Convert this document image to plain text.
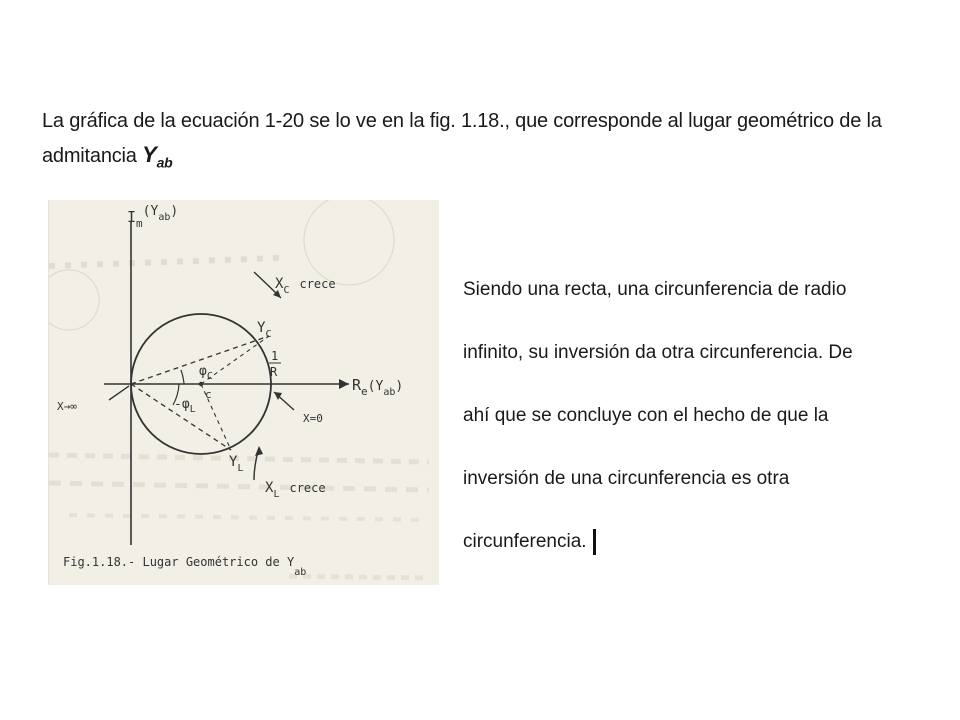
La gráfica de la ecuación 1-20 se lo ve en la fig. 1.18., que corresponde al lugar geométrico de la
admitancia $Y_{ab}$
$I_m(Y_{ab})$
$R_e(Y_{ab})$
$X_C$ crece
$Y_C$
1
R
$\varphi_C$
c
$-\varphi_L$
X→∞
X=0
$Y_L$
$X_L$ crece
Fig.1.18.- Lugar Geométrico de $Y_{ab}$
Siendo una recta, una circunferencia de radio
infinito, su inversión da otra circunferencia. De
ahí que se concluye con el hecho de que la
inversión de una circunferencia es otra
circunferencia.
